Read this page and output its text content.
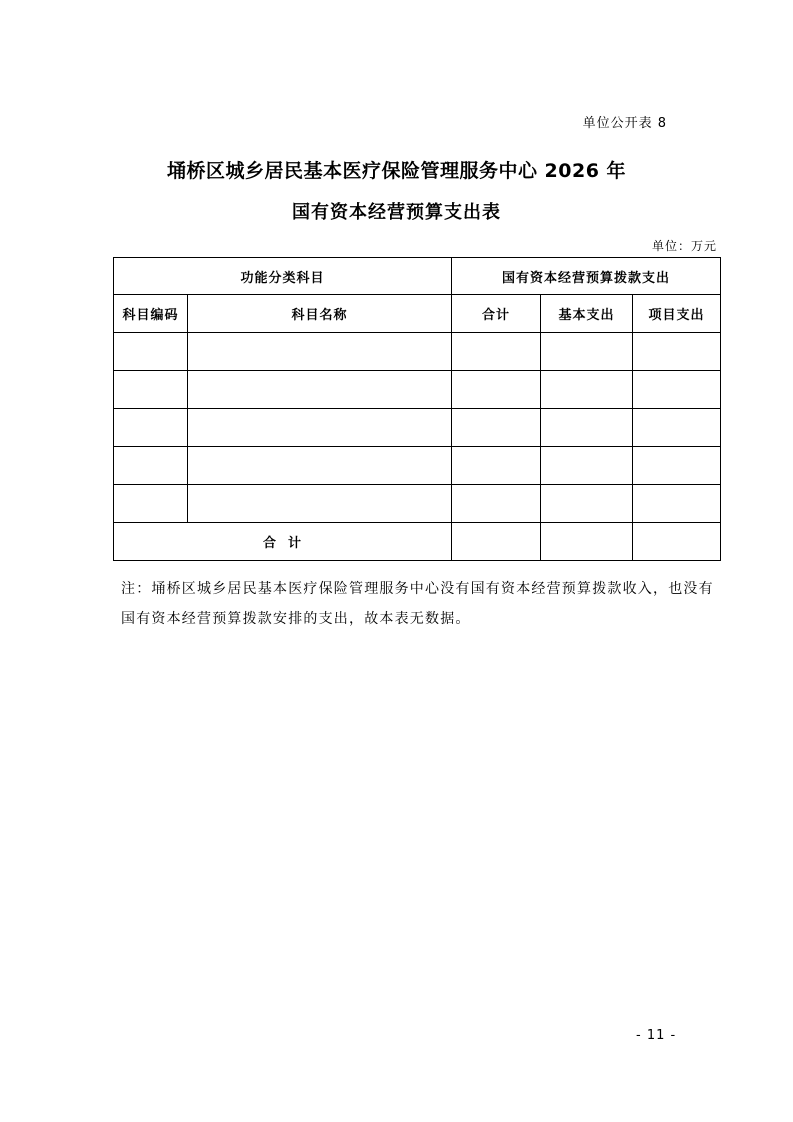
单位公开表 8
埇桥区城乡居民基本医疗保险管理服务中心 2026 年
国有资本经营预算支出表
单位：万元
功能分类科目		国有资本经营预算拨款支出		
科目编码	科目名称	合计	基本支出	项目支出

合  计				
注：埇桥区城乡居民基本医疗保险管理服务中心没有国有资本经营预算拨款收入，也没有国有资本经营预算拨款安排的支出，故本表无数据。
- 11 -
